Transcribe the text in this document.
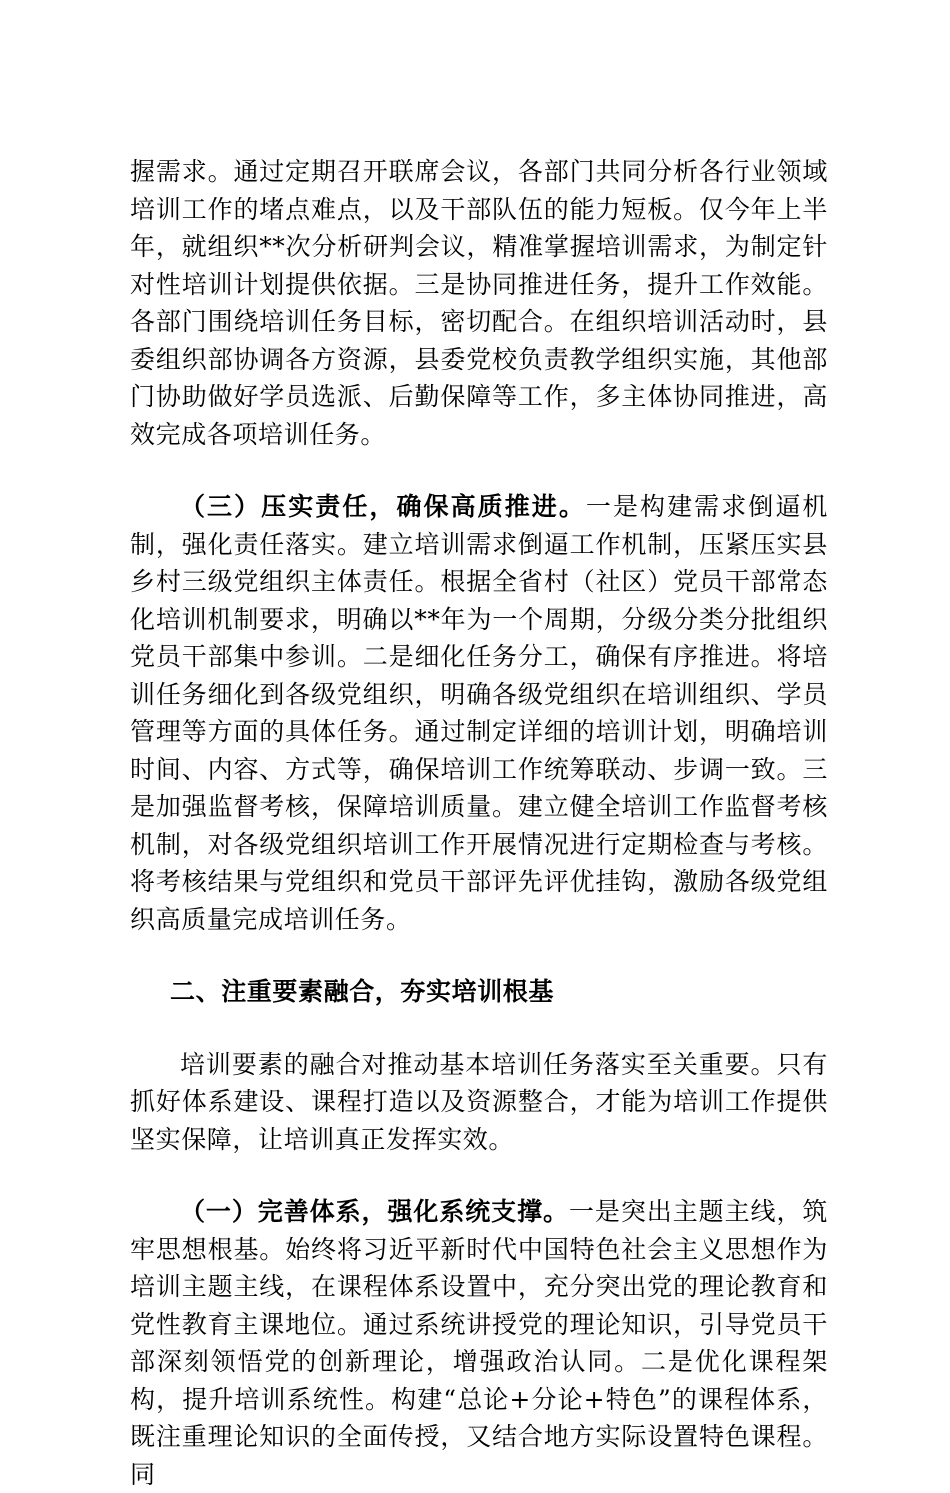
握需求。通过定期召开联席会议，各部门共同分析各行业领域培训工作的堵点难点，以及干部队伍的能力短板。仅今年上半年，就组织**次分析研判会议，精准掌握培训需求，为制定针对性培训计划提供依据。三是协同推进任务，提升工作效能。各部门围绕培训任务目标，密切配合。在组织培训活动时，县委组织部协调各方资源，县委党校负责教学组织实施，其他部门协助做好学员选派、后勤保障等工作，多主体协同推进，高效完成各项培训任务。

（三）压实责任，确保高质推进。一是构建需求倒逼机制，强化责任落实。建立培训需求倒逼工作机制，压紧压实县乡村三级党组织主体责任。根据全省村（社区）党员干部常态化培训机制要求，明确以**年为一个周期，分级分类分批组织党员干部集中参训。二是细化任务分工，确保有序推进。将培训任务细化到各级党组织，明确各级党组织在培训组织、学员管理等方面的具体任务。通过制定详细的培训计划，明确培训时间、内容、方式等，确保培训工作统筹联动、步调一致。三是加强监督考核，保障培训质量。建立健全培训工作监督考核机制，对各级党组织培训工作开展情况进行定期检查与考核。将考核结果与党组织和党员干部评先评优挂钩，激励各级党组织高质量完成培训任务。

二、注重要素融合，夯实培训根基

培训要素的融合对推动基本培训任务落实至关重要。只有抓好体系建设、课程打造以及资源整合，才能为培训工作提供坚实保障，让培训真正发挥实效。

（一）完善体系，强化系统支撑。一是突出主题主线，筑牢思想根基。始终将习近平新时代中国特色社会主义思想作为培训主题主线，在课程体系设置中，充分突出党的理论教育和党性教育主课地位。通过系统讲授党的理论知识，引导党员干部深刻领悟党的创新理论，增强政治认同。二是优化课程架构，提升培训系统性。构建“总论+分论+特色”的课程体系，既注重理论知识的全面传授，又结合地方实际设置特色课程。同
